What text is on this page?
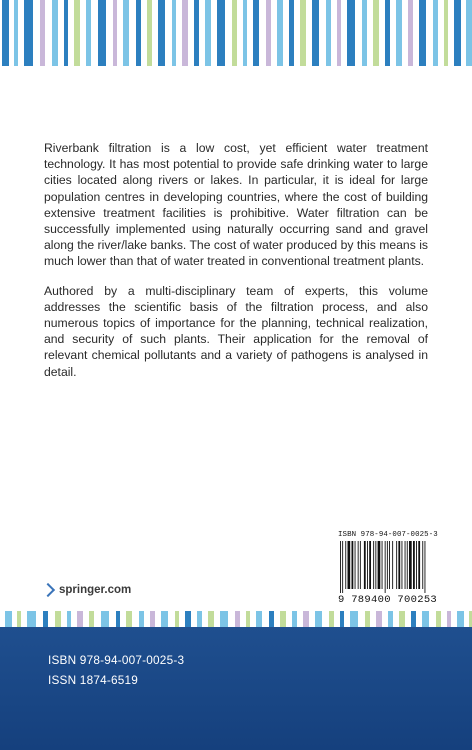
Riverbank filtration is a low cost, yet efficient water treatment technology. It has most potential to provide safe drinking water to large cities located along rivers or lakes. In particular, it is ideal for large population centres in developing countries, where the cost of building extensive treatment facilities is prohibitive. Water filtration can be successfully implemented using naturally occurring sand and gravel along the river/lake banks. The cost of water produced by this means is much lower than that of water treated in conventional treatment plants.

Authored by a multi-disciplinary team of experts, this volume addresses the scientific basis of the filtration process, and also numerous topics of importance for the planning, technical realization, and security of such plants. Their application for the removal of relevant chemical pollutants and a variety of pathogens is analysed in detail.

ISBN 978-94-007-0025-3
9 789400 700253
springer.com
ISBN 978-94-007-0025-3
ISSN 1874-6519
